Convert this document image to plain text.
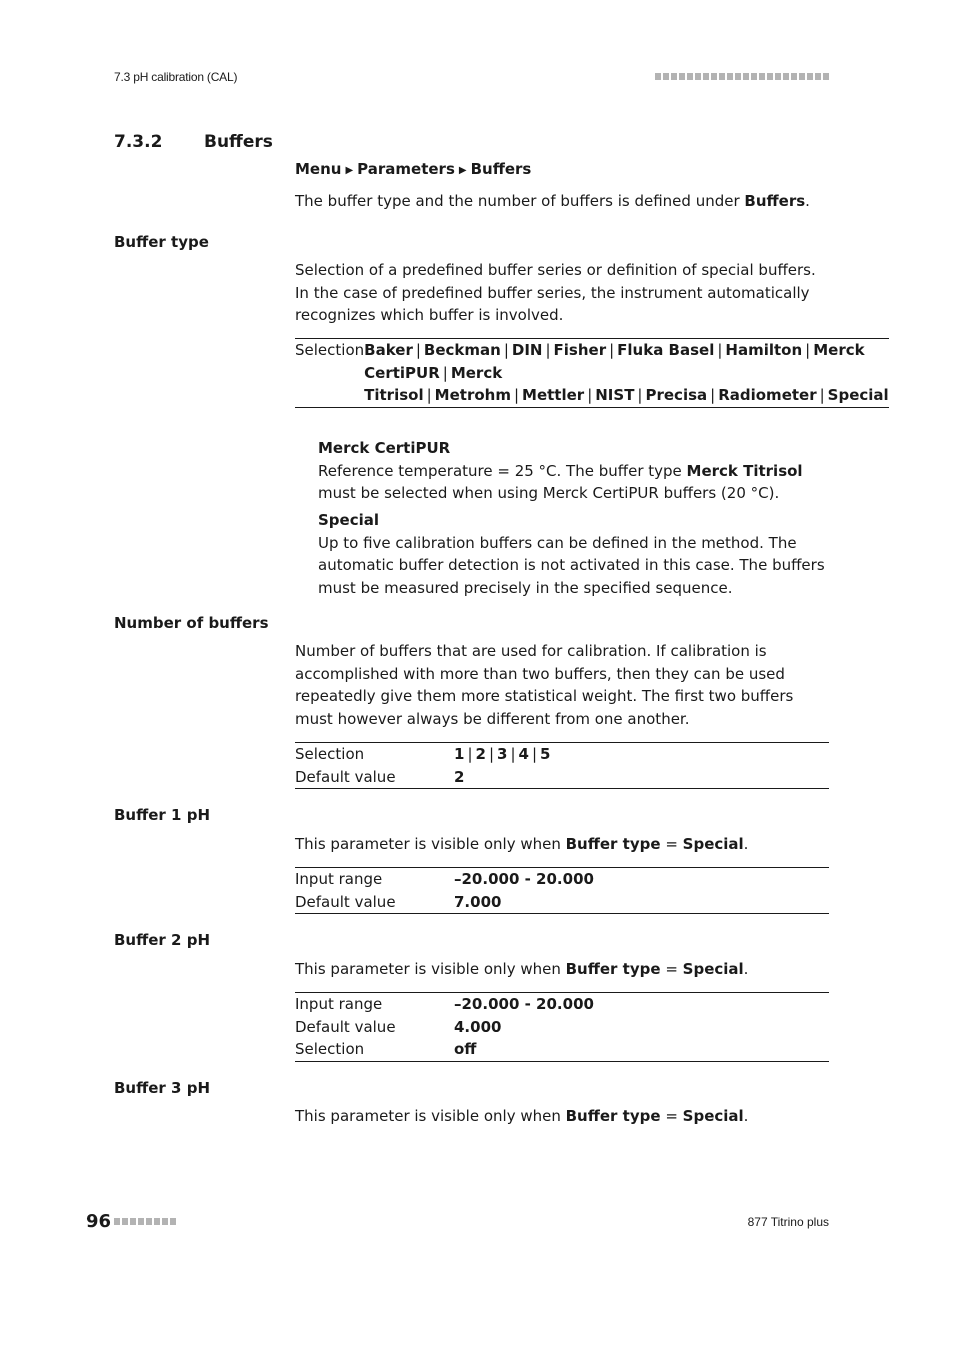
7.3 pH calibration (CAL)
7.3.2 Buffers
Menu ▶ Parameters ▶ Buffers
The buffer type and the number of buffers is defined under Buffers.
Buffer type
Selection of a predefined buffer series or definition of special buffers. In the case of predefined buffer series, the instrument automatically recognizes which buffer is involved.
Selection	Baker | Beckman | DIN | Fisher | Fluka Basel | Hamilton | Merck CertiPUR | Merck Titrisol | Metrohm | Mettler | NIST | Precisa | Radiometer | Special
Merck CertiPUR
Reference temperature = 25 °C. The buffer type Merck Titrisol must be selected when using Merck CertiPUR buffers (20 °C).
Special
Up to five calibration buffers can be defined in the method. The automatic buffer detection is not activated in this case. The buffers must be measured precisely in the specified sequence.
Number of buffers
Number of buffers that are used for calibration. If calibration is accomplished with more than two buffers, then they can be used repeatedly give them more statistical weight. The first two buffers must however always be different from one another.
Selection	1 | 2 | 3 | 4 | 5
Default value	2
Buffer 1 pH
This parameter is visible only when Buffer type = Special.
Input range	–20.000 - 20.000
Default value	7.000
Buffer 2 pH
This parameter is visible only when Buffer type = Special.
Input range	–20.000 - 20.000
Default value	4.000
Selection	off
Buffer 3 pH
This parameter is visible only when Buffer type = Special.
96	877 Titrino plus
